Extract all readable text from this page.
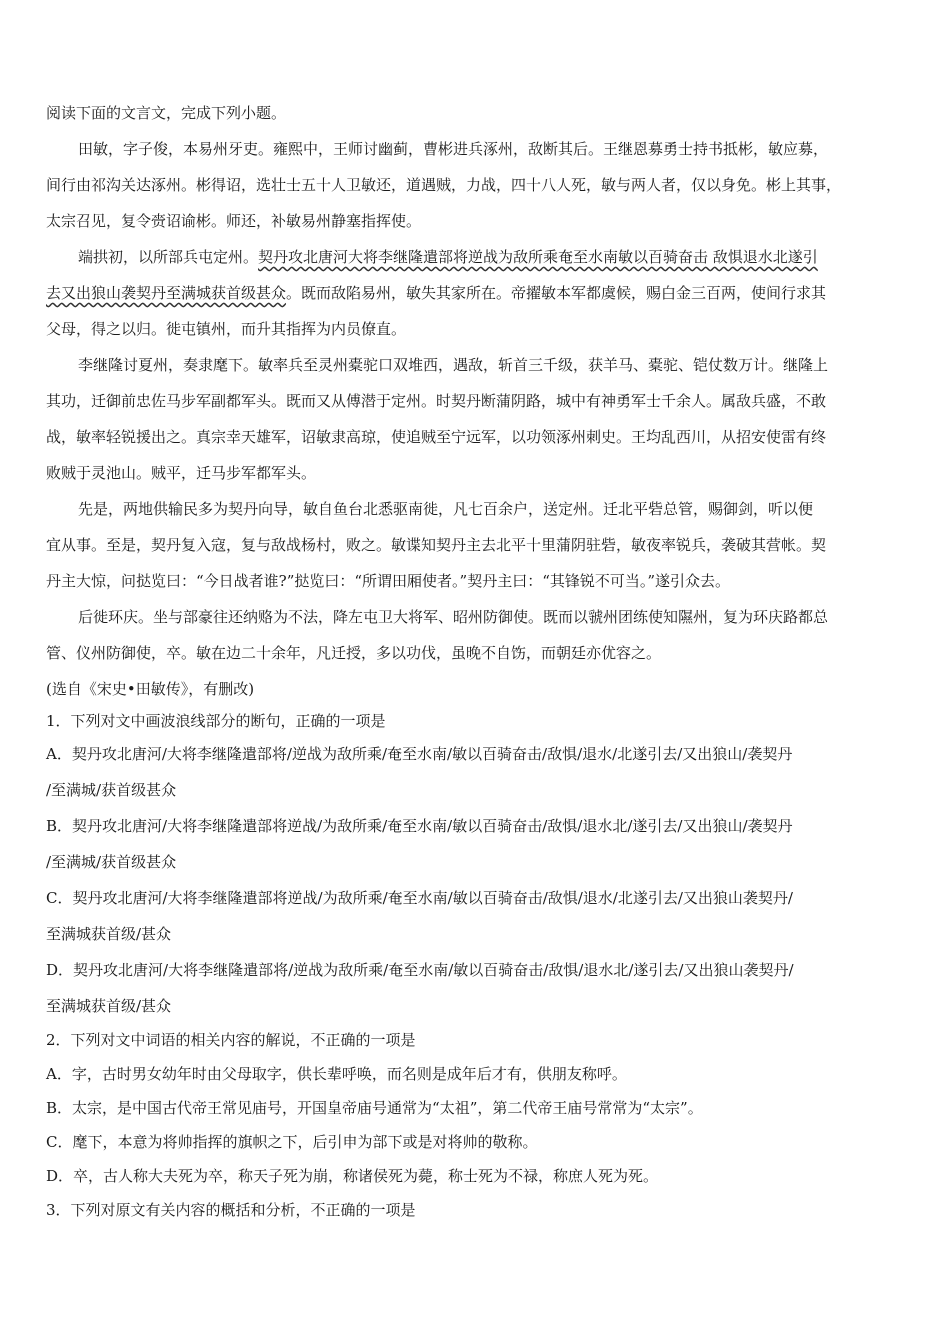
阅读下面的文言文，完成下列小题。
田敏，字子俊，本易州牙吏。雍熙中，王师讨幽蓟，曹彬进兵涿州，敌断其后。王继恩募勇士持书抵彬，敏应募，
间行由祁沟关达涿州。彬得诏，选壮士五十人卫敏还，道遇贼，力战，四十八人死，敏与两人者，仅以身免。彬上其事，
太宗召见，复令赍诏谕彬。师还，补敏易州静塞指挥使。
端拱初，以所部兵屯定州。契丹攻北唐河大将李继隆遣部将逆战为敌所乘奄至水南敏以百骑奋击 敌惧退水北遂引
去又出狼山袭契丹至满城获首级甚众。既而敌陷易州，敏失其家所在。帝擢敏本军都虞候，赐白金三百两，使间行求其
父母，得之以归。徙屯镇州，而升其指挥为内员僚直。
李继隆讨夏州，奏隶麾下。敏率兵至灵州橐驼口双堆西，遇敌，斩首三千级，获羊马、橐驼、铠仗数万计。继隆上
其功，迁御前忠佐马步军副都军头。既而又从傅潜于定州。时契丹断蒲阴路，城中有神勇军士千余人。属敌兵盛，不敢
战，敏率轻锐援出之。真宗幸天雄军，诏敏隶高琼，使追贼至宁远军，以功领涿州刺史。王均乱西川，从招安使雷有终
败贼于灵池山。贼平，迁马步军都军头。
先是，两地供输民多为契丹向导，敏自鱼台北悉驱南徙，凡七百余户，送定州。迁北平砦总管，赐御剑，听以便
宜从事。至是，契丹复入寇，复与敌战杨村，败之。敏谍知契丹主去北平十里蒲阴驻砦，敏夜率锐兵，袭破其营帐。契
丹主大惊，问挞览曰：“今日战者谁?”挞览曰：“所谓田厢使者。”契丹主曰：“其锋锐不可当。”遂引众去。
后徙环庆。坐与部豪往还纳赂为不法，降左屯卫大将军、昭州防御使。既而以虢州团练使知隰州，复为环庆路都总
管、仪州防御使，卒。敏在边二十余年，凡迁授，多以功伐，虽晚不自饬，而朝廷亦优容之。
(选自《宋史•田敏传》，有删改)
1．下列对文中画波浪线部分的断句，正确的一项是
A．契丹攻北唐河/大将李继隆遣部将/逆战为敌所乘/奄至水南/敏以百骑奋击/敌惧/退水/北遂引去/又出狼山/袭契丹
/至满城/获首级甚众
B．契丹攻北唐河/大将李继隆遣部将逆战/为敌所乘/奄至水南/敏以百骑奋击/敌惧/退水北/遂引去/又出狼山/袭契丹
/至满城/获首级甚众
C．契丹攻北唐河/大将李继隆遣部将逆战/为敌所乘/奄至水南/敏以百骑奋击/敌惧/退水/北遂引去/又出狼山袭契丹/
至满城获首级/甚众
D．契丹攻北唐河/大将李继隆遣部将/逆战为敌所乘/奄至水南/敏以百骑奋击/敌惧/退水北/遂引去/又出狼山袭契丹/
至满城获首级/甚众
2．下列对文中词语的相关内容的解说，不正确的一项是
A．字，古时男女幼年时由父母取字，供长辈呼唤，而名则是成年后才有，供朋友称呼。
B．太宗，是中国古代帝王常见庙号，开国皇帝庙号通常为“太祖”，第二代帝王庙号常常为“太宗”。
C．麾下，本意为将帅指挥的旗帜之下，后引申为部下或是对将帅的敬称。
D．卒，古人称大夫死为卒，称天子死为崩，称诸侯死为薨，称士死为不禄，称庶人死为死。
3．下列对原文有关内容的概括和分析，不正确的一项是
